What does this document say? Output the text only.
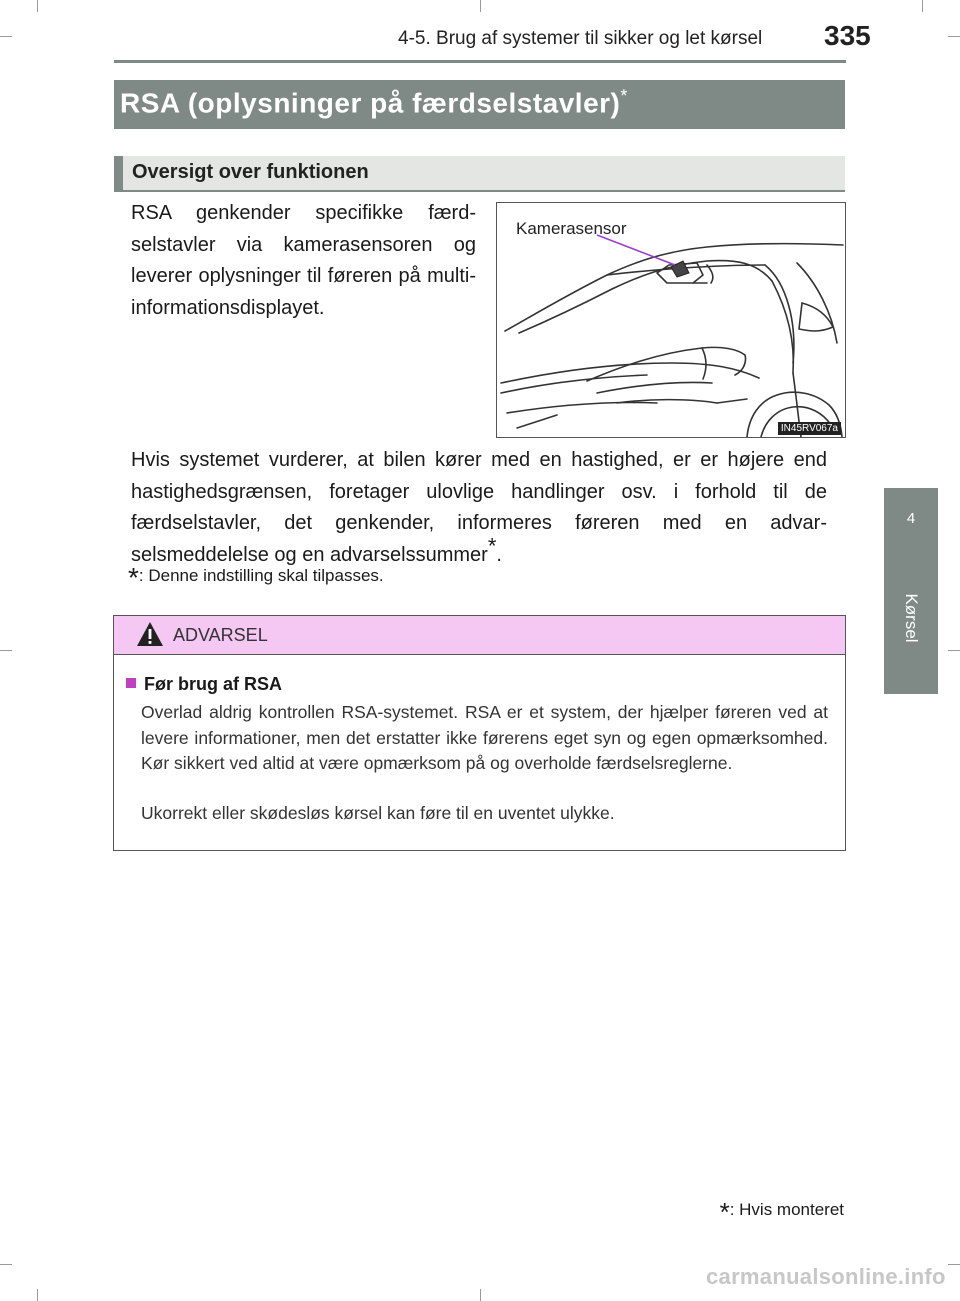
4-5. Brug af systemer til sikker og let kørsel 335
4
Kørsel
RSA (oplysninger på færdselstavler)*
Oversigt over funktionen
RSA genkender specifikke færdselstavler via kamerasensoren og leverer oplysninger til føreren på multi-informationsdisplayet.
Kamerasensor
IN45RV067a
Hvis systemet vurderer, at bilen kører med en hastighed, er er højere end hastighedsgrænsen, foretager ulovlige handlinger osv. i forhold til de færdselstavler, det genkender, informeres føreren med en advarselsmeddelelse og en advarselssummer*.
*: Denne indstilling skal tilpasses.
ADVARSEL
Før brug af RSA
Overlad aldrig kontrollen RSA-systemet. RSA er et system, der hjælper føreren ved at levere informationer, men det erstatter ikke førerens eget syn og egen opmærksomhed. Kør sikkert ved altid at være opmærksom på og overholde færdselsreglerne.
Ukorrekt eller skødesløs kørsel kan føre til en uventet ulykke.
*: Hvis monteret
carmanualsonline.info
